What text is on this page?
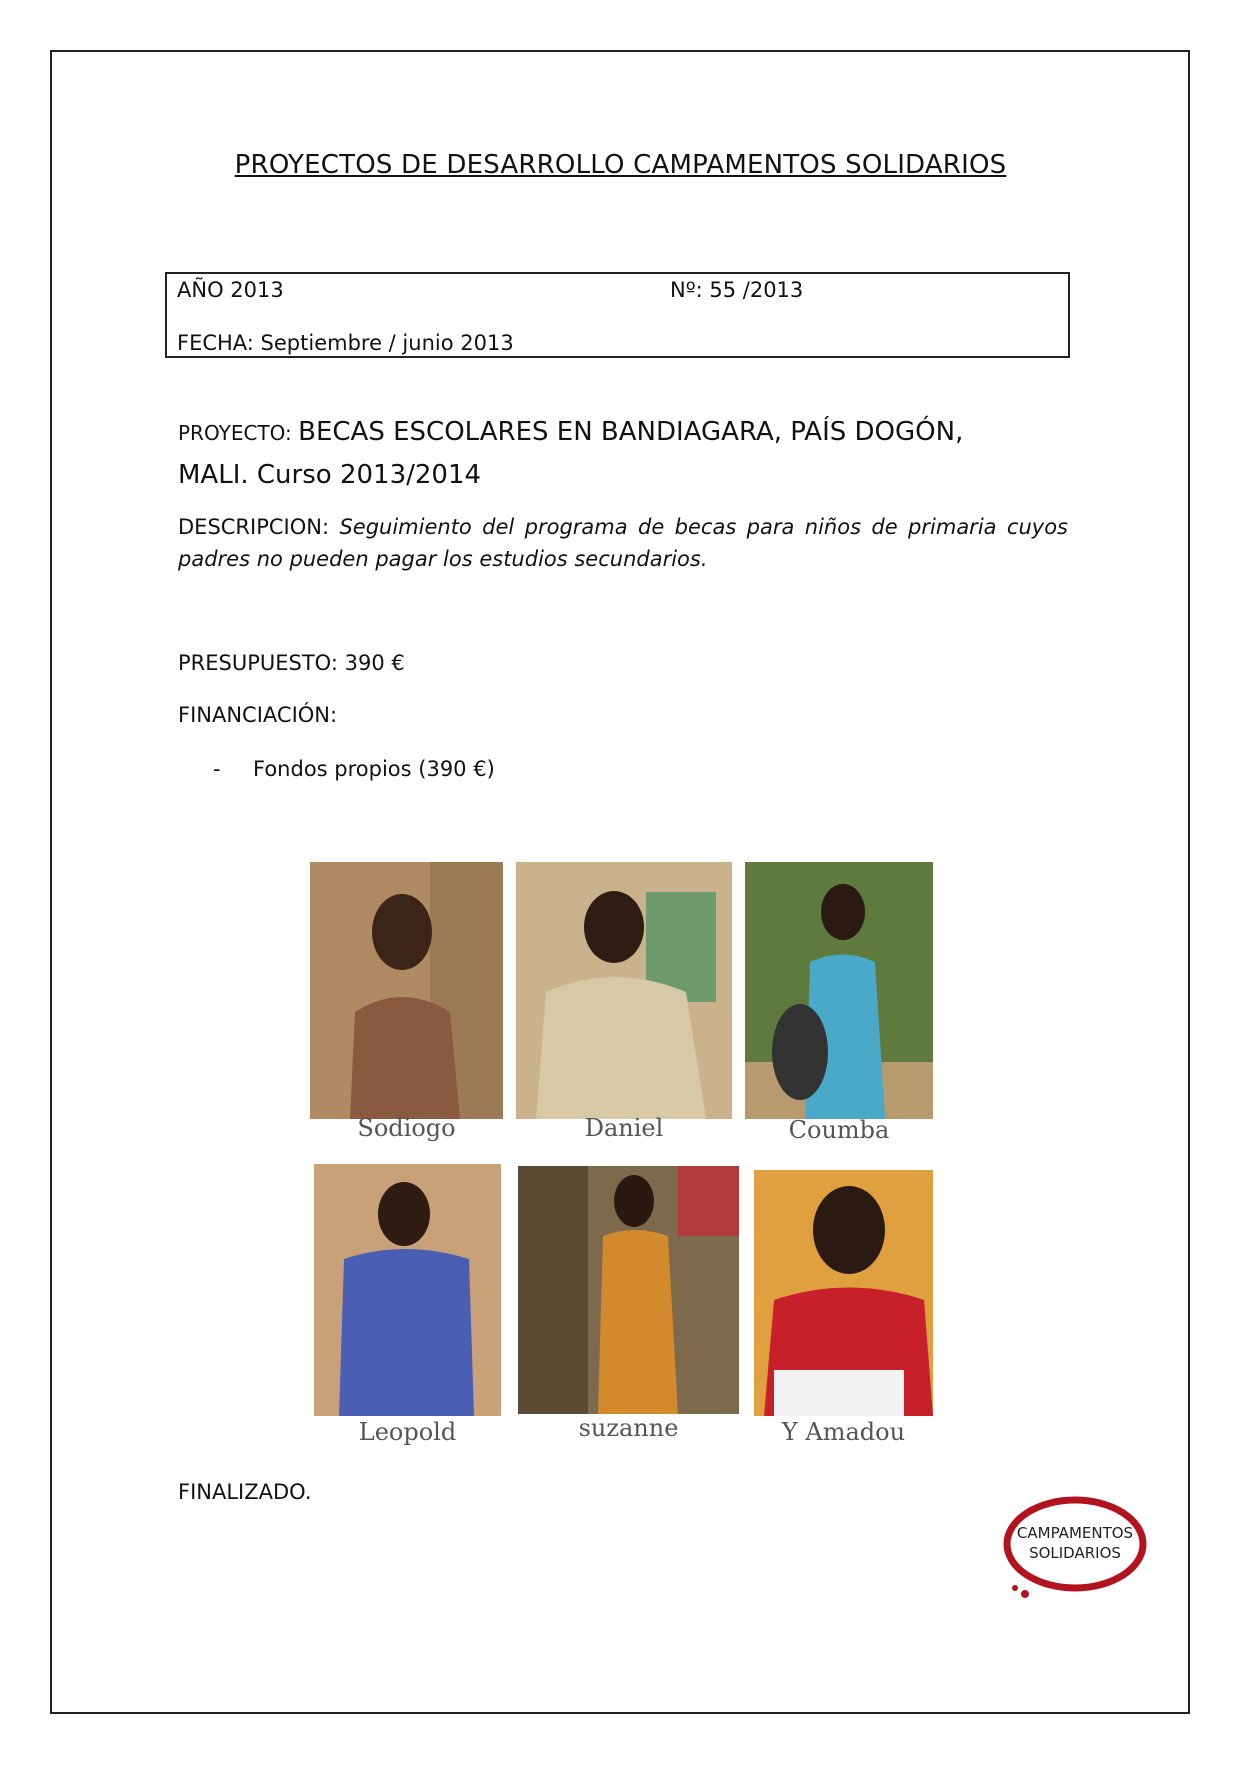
PROYECTOS DE DESARROLLO CAMPAMENTOS SOLIDARIOS
AÑO 2013	Nº: 55 /2013
FECHA: Septiembre / junio 2013
PROYECTO: BECAS ESCOLARES EN BANDIAGARA, PAÍS DOGÓN,
MALI. Curso 2013/2014
DESCRIPCION: Seguimiento del programa de becas para niños de primaria cuyos padres no pueden pagar los estudios secundarios.
PRESUPUESTO: 390 €
FINANCIACIÓN:
- Fondos propios (390 €)
Sodiogo	Daniel	Coumba
Leopold	suzanne	Y Amadou
FINALIZADO.
CAMPAMENTOS
SOLIDARIOS
